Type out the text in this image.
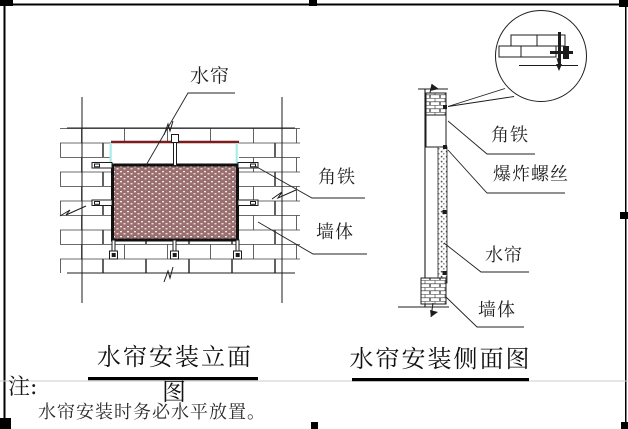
水帘
角铁
墙体
角铁
爆炸螺丝
水帘
墙体
水帘安装立面图
水帘安装侧面图
注:
水帘安装时务必水平放置。
